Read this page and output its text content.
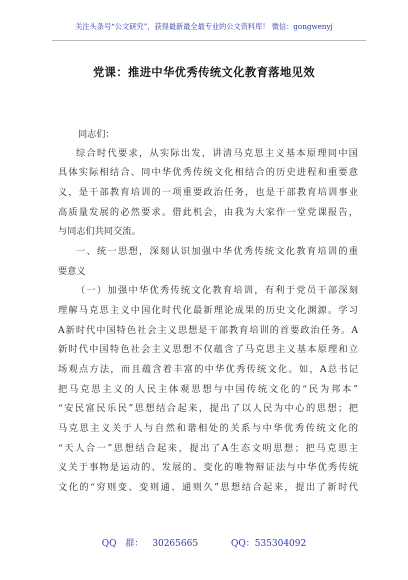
关注头条号“公文研究”，获得最新最全最专业的公文资料库！ 微信：gongwenyj
党课：推进中华优秀传统文化教育落地见效
同志们：
综合时代要求，从实际出发，讲清马克思主义基本原理同中国
具体实际相结合、同中华优秀传统文化相结合的历史进程和重要意
义，是干部教育培训的一项重要政治任务，也是干部教育培训事业
高质量发展的必然要求。借此机会，由我为大家作一堂党课报告，
与同志们共同交流。
一、统一思想，深刻认识加强中华优秀传统文化教育培训的重
要意义
（一）加强中华优秀传统文化教育培训，有利于党员干部深刻
理解马克思主义中国化时代化最新理论成果的历史文化渊源。学习
A新时代中国特色社会主义思想是干部教育培训的首要政治任务。A
新时代中国特色社会主义思想不仅蕴含了马克思主义基本原理和立
场观点方法，而且蕴含着丰富的中华优秀传统文化。如，A总书记
把马克思主义的人民主体观思想与中国传统文化的“民为邦本”
“安民富民乐民”思想结合起来，提出了以人民为中心的思想；把
马克思主义关于人与自然和谐相处的关系与中华优秀传统文化的
“天人合一”思想结合起来，提出了A生态文明思想；把马克思主
义关于事物是运动的、发展的、变化的唯物辩证法与中华优秀传统
文化的“穷则变、变则通、通则久”思想结合起来，提出了新时代
QQ 群： 30265665	QQ：535304092
